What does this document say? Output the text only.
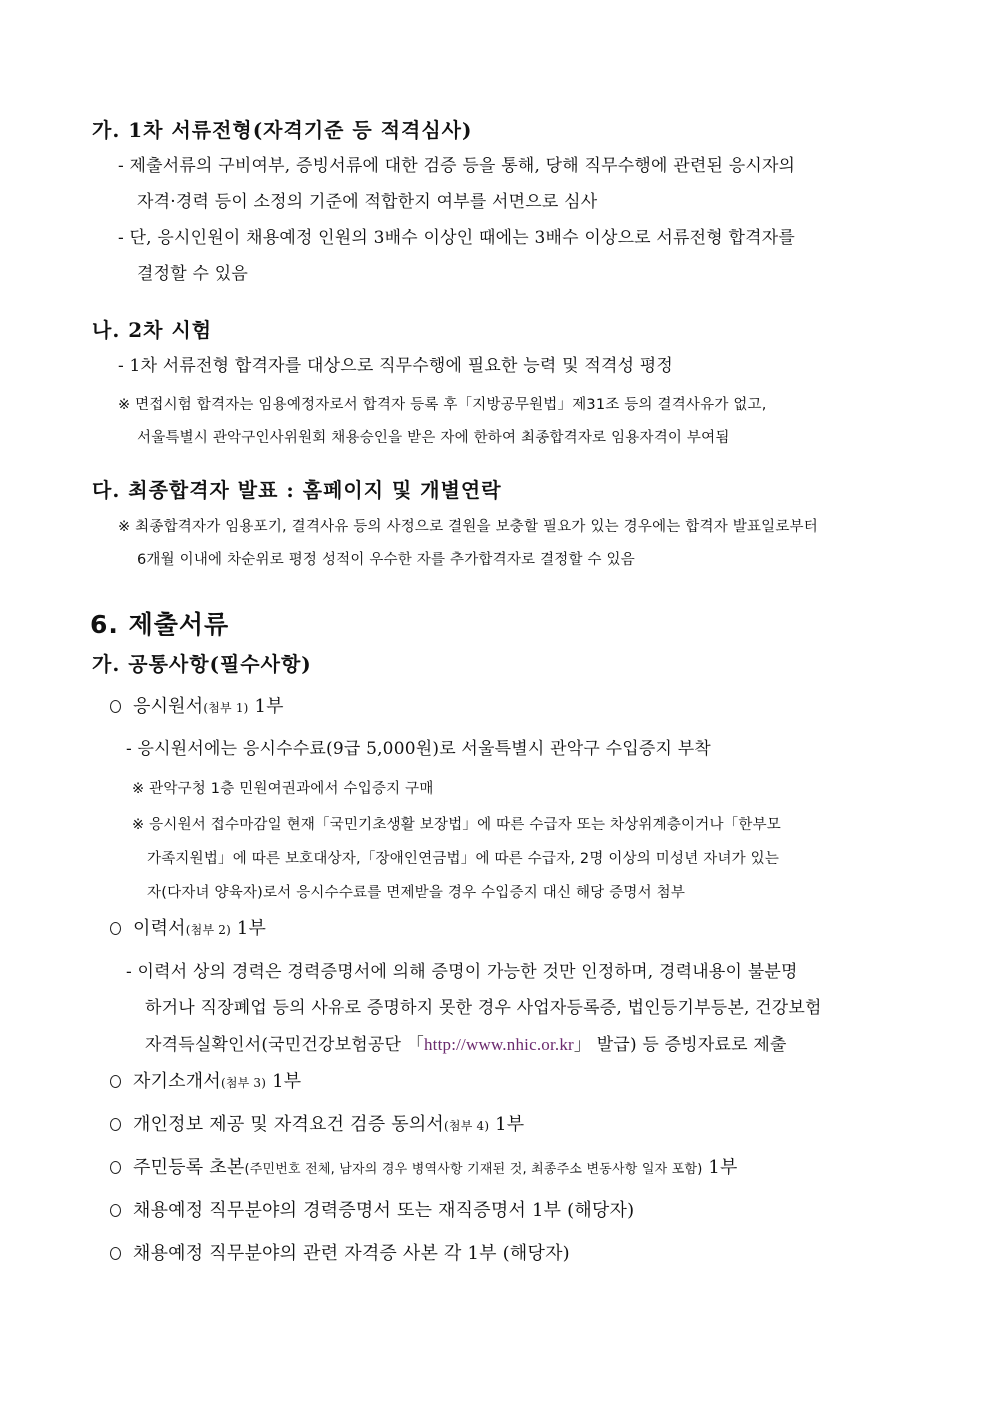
가. 1차 서류전형(자격기준 등 적격심사)
- 제출서류의 구비여부, 증빙서류에 대한 검증 등을 통해, 당해 직무수행에 관련된 응시자의
자격·경력 등이 소정의 기준에 적합한지 여부를 서면으로 심사
- 단, 응시인원이 채용예정 인원의 3배수 이상인 때에는 3배수 이상으로 서류전형 합격자를
결정할 수 있음
나. 2차 시험
- 1차 서류전형 합격자를 대상으로 직무수행에 필요한 능력 및 적격성 평정
※ 면접시험 합격자는 임용예정자로서 합격자 등록 후「지방공무원법」제31조 등의 결격사유가 없고,
서울특별시 관악구인사위원회 채용승인을 받은 자에 한하여 최종합격자로 임용자격이 부여됨
다. 최종합격자 발표 : 홈페이지 및 개별연락
※ 최종합격자가 임용포기, 결격사유 등의 사정으로 결원을 보충할 필요가 있는 경우에는 합격자 발표일로부터
6개월 이내에 차순위로 평정 성적이 우수한 자를 추가합격자로 결정할 수 있음
6. 제출서류
가. 공통사항(필수사항)
응시원서(첨부 1) 1부
- 응시원서에는 응시수수료(9급 5,000원)로 서울특별시 관악구 수입증지 부착
※ 관악구청 1층 민원여권과에서 수입증지 구매
※ 응시원서 접수마감일 현재「국민기초생활 보장법」에 따른 수급자 또는 차상위계층이거나「한부모
가족지원법」에 따른 보호대상자,「장애인연금법」에 따른 수급자, 2명 이상의 미성년 자녀가 있는
자(다자녀 양육자)로서 응시수수료를 면제받을 경우 수입증지 대신 해당 증명서 첨부
이력서(첨부 2) 1부
- 이력서 상의 경력은 경력증명서에 의해 증명이 가능한 것만 인정하며, 경력내용이 불분명
하거나 직장폐업 등의 사유로 증명하지 못한 경우 사업자등록증, 법인등기부등본, 건강보험
자격득실확인서(국민건강보험공단 「http://www.nhic.or.kr」 발급) 등 증빙자료로 제출
자기소개서(첨부 3) 1부
개인정보 제공 및 자격요건 검증 동의서(첨부 4) 1부
주민등록 초본(주민번호 전체, 남자의 경우 병역사항 기재된 것, 최종주소 변동사항 일자 포함) 1부
채용예정 직무분야의 경력증명서 또는 재직증명서 1부 (해당자)
채용예정 직무분야의 관련 자격증 사본 각 1부 (해당자)
